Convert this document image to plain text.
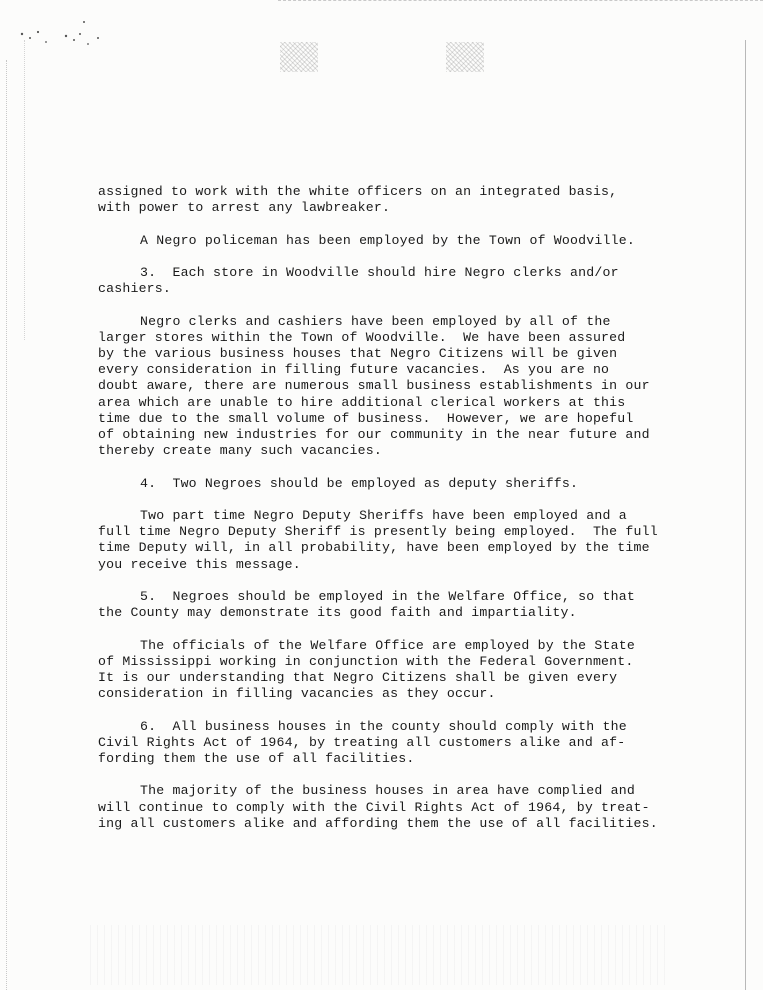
assigned to work with the white officers on an integrated basis,
with power to arrest any lawbreaker.
A Negro policeman has been employed by the Town of Woodville.
3.  Each store in Woodville should hire Negro clerks and/or
cashiers.
Negro clerks and cashiers have been employed by all of the
larger stores within the Town of Woodville.  We have been assured
by the various business houses that Negro Citizens will be given
every consideration in filling future vacancies.  As you are no
doubt aware, there are numerous small business establishments in our
area which are unable to hire additional clerical workers at this
time due to the small volume of business.  However, we are hopeful
of obtaining new industries for our community in the near future and
thereby create many such vacancies.
4.  Two Negroes should be employed as deputy sheriffs.
Two part time Negro Deputy Sheriffs have been employed and a
full time Negro Deputy Sheriff is presently being employed.  The full
time Deputy will, in all probability, have been employed by the time
you receive this message.
5.  Negroes should be employed in the Welfare Office, so that
the County may demonstrate its good faith and impartiality.
The officials of the Welfare Office are employed by the State
of Mississippi working in conjunction with the Federal Government.
It is our understanding that Negro Citizens shall be given every
consideration in filling vacancies as they occur.
6.  All business houses in the county should comply with the
Civil Rights Act of 1964, by treating all customers alike and af-
fording them the use of all facilities.
The majority of the business houses in area have complied and
will continue to comply with the Civil Rights Act of 1964, by treat-
ing all customers alike and affording them the use of all facilities.
